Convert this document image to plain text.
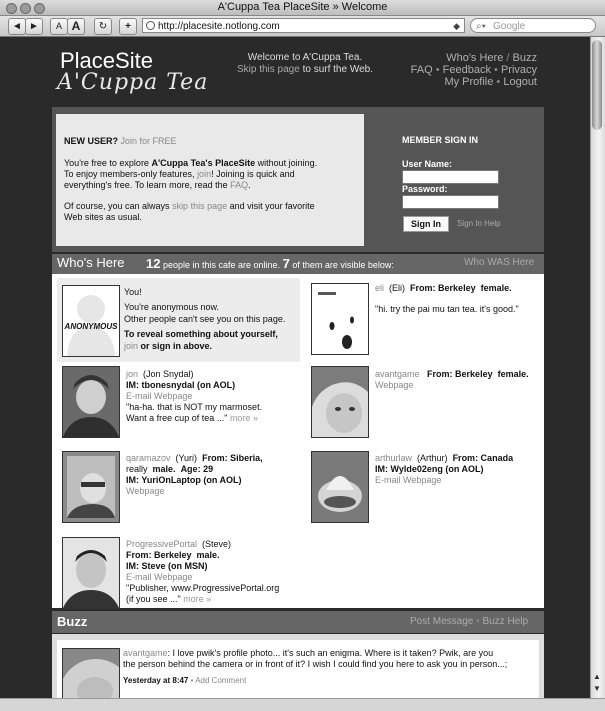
A'Cuppa Tea PlaceSite » Welcome
◄ ►	A A	↻	+	http://placesite.notlong.com	◆ ⌕▾ Google
PlaceSite
A'Cuppa Tea
Welcome to A'Cuppa Tea.
Skip this page to surf the Web.
Who's Here / Buzz
FAQ • Feedback • Privacy
My Profile • Logout
NEW USER? Join for FREE
You're free to explore A'Cuppa Tea's PlaceSite without joining.
To enjoy members-only features, join! Joining is quick and
everything's free. To learn more, read the FAQ.
Of course, you can always skip this page and visit your favorite
Web sites as usual.
MEMBER SIGN IN
User Name:
Password:
Sign In	Sign In Help
Who's Here 12 people in this cafe are online. 7 of them are visible below:	Who WAS Here
ANONYMOUS
You!
You're anonymous now.
Other people can't see you on this page.
To reveal something about yourself,
join or sign in above.
eli (Eli) From: Berkeley female.
"hi. try the pai mu tan tea. it's good."
jon (Jon Snydal)
IM: tbonesnydal (on AOL)
E-mail Webpage
"ha-ha. that is NOT my marmoset.
Want a free cup of tea ..." more »
avantgame From: Berkeley female.
Webpage
qaramazov (Yuri) From: Siberia,
really male. Age: 29
IM: YuriOnLaptop (on AOL)
Webpage
arthurlaw (Arthur) From: Canada
IM: Wylde02eng (on AOL)
E-mail Webpage
ProgressivePortal (Steve)
From: Berkeley male.
IM: Steve (on MSN)
E-mail Webpage
"Publisher, www.ProgressivePortal.org
(if you see ..." more »
Buzz	Post Message • Buzz Help
avantgame: I love pwik's profile photo... it's such an enigma. Where is it taken? Pwik, are you
the person behind the camera or in front of it? I wish I could find you here to ask you in person...;
Yesterday at 8:47 • Add Comment	▲
▼
